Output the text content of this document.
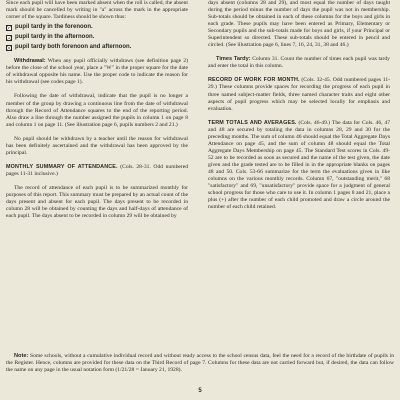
Since each pupil will have been marked absent when the roll is called, the absent mark should be cancelled by writing in "a" across the mark in the appropriate corner of the square. Tardiness should be shown thus:

pupil tardy in the forenoon.
pupil tardy in the afternoon.
pupil tardy both forenoon and afternoon.

Withdrawal: When any pupil officially withdraws (see definition page 2) before the close of the school year, place a "W" in the proper square for the date of withdrawal opposite his name. Use the proper code to indicate the reason for his withdrawal (see codes page 1).

Following the date of withdrawal, indicate that the pupil is no longer a member of the group by drawing a continuous line from the date of withdrawal through the Record of Attendance squares to the end of the reporting period. Also draw a line through the number assigned the pupils in column 1 on page 8 and column 1 on page 11. (See illustration page 6, pupils numbers 2 and 21.)

No pupil should be withdrawn by a teacher until the reason for withdrawal has been definitely ascertained and the withdrawal has been approved by the principal.

MONTHLY SUMMARY OF ATTENDANCE. (Cols. 28-31. Odd numbered pages 11-31 inclusive.)

The record of attendance of each pupil is to be summarized monthly for purposes of this report. This summary must be prepared by an actual count of the days present and absent for each pupil. The days present to be recorded in column 28 will be obtained by counting the days and half-days of attendance of each pupil. The days absent to be recorded in column 29 will be obtained by

days absent (columns 28 and 29), and most equal the number of days taught during the period minus the number of days the pupil was not in membership. Sub-totals should be obtained in each of these columns for the boys and girls in each grade. These pupils may have been entered as Primary, Elementary or Secondary pupils and the sub-totals made for boys and girls, if your Principal or Superintendent so directed. These sub-totals should be entered in pencil and circled. (See illustration page 6, lines 7, 16, 24, 31, 38 and 46.)

Times Tardy: Column 31. Count the number of times each pupil was tardy and enter the total in this column.

RECORD OF WORK FOR MONTH. (Cols. 32-45. Odd numbered pages 11-29.) These columns provide spaces for recording the progress of each pupil in three named subject-matter fields, three named character traits and eight other aspects of pupil progress which may be selected locally for emphasis and evaluation.

TERM TOTALS AND AVERAGES. (Cols. 46-49.) The data for Cols. 46, 47 and 48 are secured by totaling the data in columns 28, 29 and 30 for the preceding months. The sum of column 46 should equal the Total Aggregate Days Attendance on page 45, and the sum of column 48 should equal the Total Aggregate Days Membership on page 45. The Standard Test scores in Cols. 49-52 are to be recorded as soon as secured and the name of the test given, the date given and the grade tested are to be filled in in the appropriate blanks on pages 48 and 50. Cols. 53-66 summarize for the term the evaluations given in like columns on the various monthly records. Column 67, "outstanding merit," 68 "satisfactory" and 69, "unsatisfactory" provide space for a judgment of general school progress for those who care to use it. In column 1 pages 8 and 21, place a plus (+) after the number of each child promoted and draw a circle around the number of each child retained.

Note: Some schools, without a cumulative individual record and without ready access to the school census data, feel the need for a record of the birthdate of pupils in the Register. Hence, columns are provided for these data on the Third Record of page 7. Columns for these data are not carried forward but, if desired, the data can follow the name on any page in the usual notation form (1/21/28 = January 21, 1928).

5
